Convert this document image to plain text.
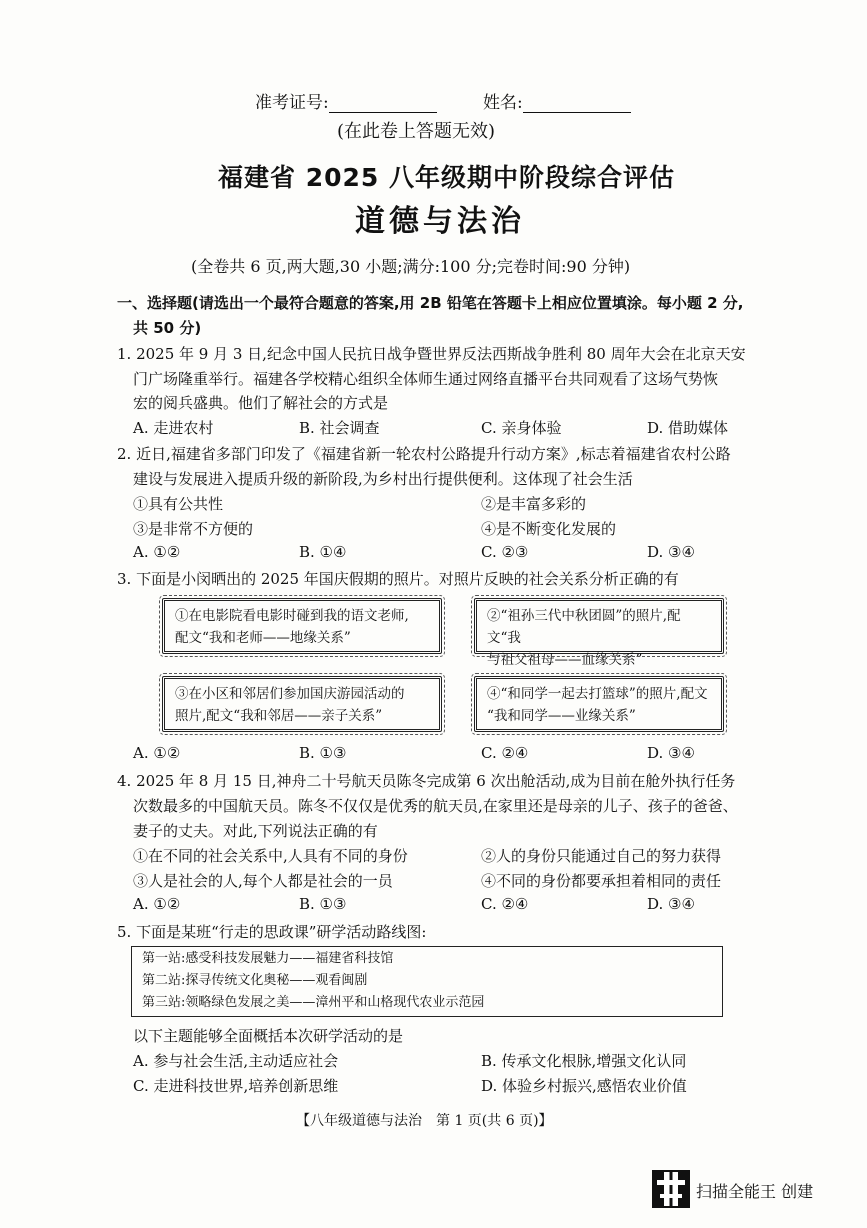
准考证号:	姓名:
(在此卷上答题无效)
福建省 2025 八年级期中阶段综合评估
道德与法治
(全卷共 6 页,两大题,30 小题;满分:100 分;完卷时间:90 分钟)
一、选择题(请选出一个最符合题意的答案,用 2B 铅笔在答题卡上相应位置填涂。每小题 2 分,
共 50 分)
1. 2025 年 9 月 3 日,纪念中国人民抗日战争暨世界反法西斯战争胜利 80 周年大会在北京天安
门广场隆重举行。福建各学校精心组织全体师生通过网络直播平台共同观看了这场气势恢
宏的阅兵盛典。他们了解社会的方式是
A. 走进农村	B. 社会调查	C. 亲身体验	D. 借助媒体
2. 近日,福建省多部门印发了《福建省新一轮农村公路提升行动方案》,标志着福建省农村公路
建设与发展进入提质升级的新阶段,为乡村出行提供便利。这体现了社会生活
①具有公共性	②是丰富多彩的
③是非常不方便的	④是不断变化发展的
A. ①②	B. ①④	C. ②③	D. ③④
3. 下面是小闵晒出的 2025 年国庆假期的照片。对照片反映的社会关系分析正确的有
①在电影院看电影时碰到我的语文老师,
配文“我和老师——地缘关系”
②“祖孙三代中秋团圆”的照片,配文“我
与祖父祖母——血缘关系”
③在小区和邻居们参加国庆游园活动的
照片,配文“我和邻居——亲子关系”
④“和同学一起去打篮球”的照片,配文
“我和同学——业缘关系”
A. ①②	B. ①③	C. ②④	D. ③④
4. 2025 年 8 月 15 日,神舟二十号航天员陈冬完成第 6 次出舱活动,成为目前在舱外执行任务
次数最多的中国航天员。陈冬不仅仅是优秀的航天员,在家里还是母亲的儿子、孩子的爸爸、
妻子的丈夫。对此,下列说法正确的有
①在不同的社会关系中,人具有不同的身份	②人的身份只能通过自己的努力获得
③人是社会的人,每个人都是社会的一员	④不同的身份都要承担着相同的责任
A. ①②	B. ①③	C. ②④	D. ③④
5. 下面是某班“行走的思政课”研学活动路线图:
第一站:感受科技发展魅力——福建省科技馆
第二站:探寻传统文化奥秘——观看闽剧
第三站:领略绿色发展之美——漳州平和山格现代农业示范园
以下主题能够全面概括本次研学活动的是
A. 参与社会生活,主动适应社会	B. 传承文化根脉,增强文化认同
C. 走进科技世界,培养创新思维	D. 体验乡村振兴,感悟农业价值
【八年级道德与法治　第 1 页(共 6 页)】
扫描全能王 创建
